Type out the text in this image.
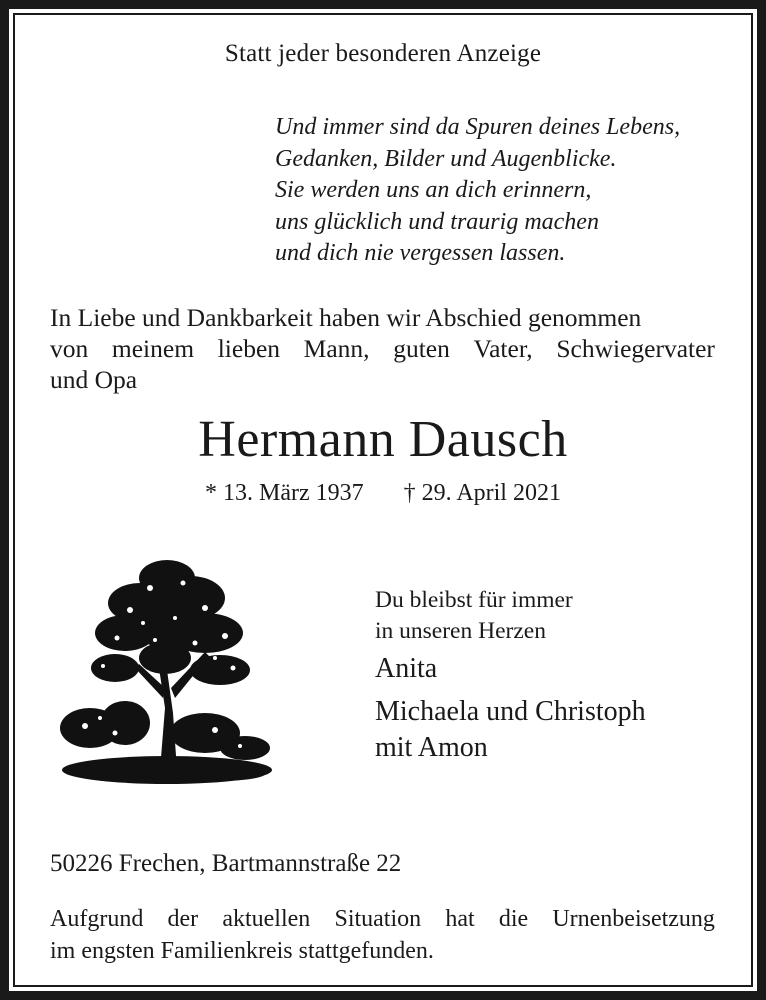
Statt jeder besonderen Anzeige
Und immer sind da Spuren deines Lebens,
Gedanken, Bilder und Augenblicke.
Sie werden uns an dich erinnern,
uns glücklich und traurig machen
und dich nie vergessen lassen.
In Liebe und Dankbarkeit haben wir Abschied genommen
von meinem lieben Mann, guten Vater, Schwiegervater
und Opa
Hermann Dausch
* 13. März 1937 † 29. April 2021
Du bleibst für immer
in unseren Herzen
Anita
Michaela und Christoph
mit Amon
50226 Frechen, Bartmannstraße 22
Aufgrund der aktuellen Situation hat die Urnenbeisetzung
im engsten Familienkreis stattgefunden.
